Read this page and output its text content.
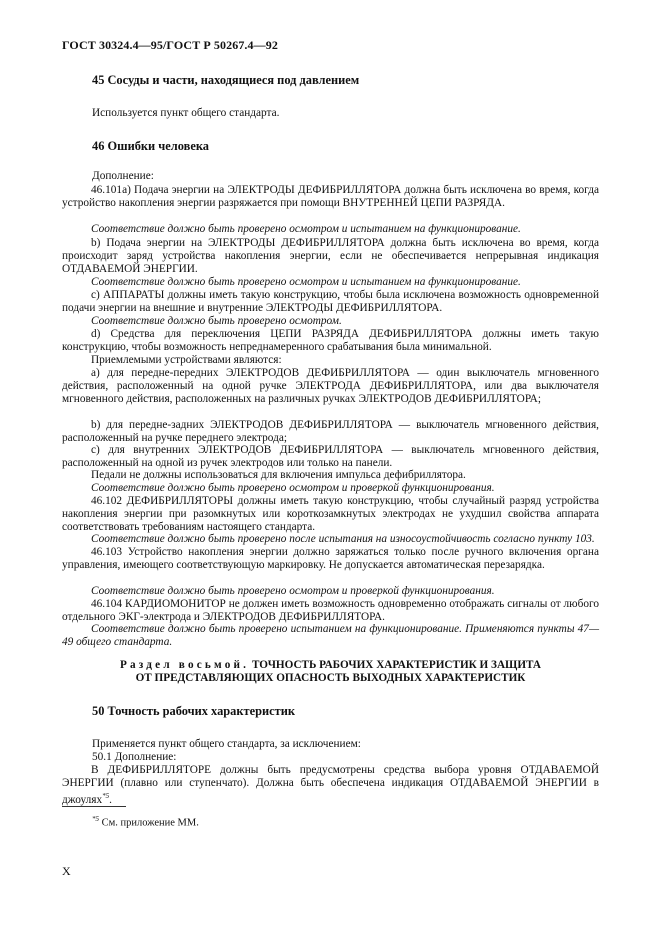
ГОСТ 30324.4—95/ГОСТ Р 50267.4—92
45 Сосуды и части, находящиеся под давлением
Используется пункт общего стандарта.
46 Ошибки человека
Дополнение:
46.101а) Подача энергии на ЭЛЕКТРОДЫ ДЕФИБРИЛЛЯТОРА должна быть исключена во время, когда устройство накопления энергии разряжается при помощи ВНУТРЕННЕЙ ЦЕПИ РАЗРЯДА.
Соответствие должно быть проверено осмотром и испытанием на функционирование.
b) Подача энергии на ЭЛЕКТРОДЫ ДЕФИБРИЛЛЯТОРА должна быть исключена во время, когда происходит заряд устройства накопления энергии, если не обеспечивается непрерывная индикация ОТДАВАЕМОЙ ЭНЕРГИИ.
Соответствие должно быть проверено осмотром и испытанием на функционирование.
c) АППАРАТЫ должны иметь такую конструкцию, чтобы была исключена возможность одновременной подачи энергии на внешние и внутренние ЭЛЕКТРОДЫ ДЕФИБРИЛЛЯТОРА.
Соответствие должно быть проверено осмотром.
d) Средства для переключения ЦЕПИ РАЗРЯДА ДЕФИБРИЛЛЯТОРА должны иметь такую конструкцию, чтобы возможность непреднамеренного срабатывания была минимальной.
Приемлемыми устройствами являются:
a) для передне-передних ЭЛЕКТРОДОВ ДЕФИБРИЛЛЯТОРА — один выключатель мгновенного действия, расположенный на одной ручке ЭЛЕКТРОДА ДЕФИБРИЛЛЯТОРА, или два выключателя мгновенного действия, расположенных на различных ручках ЭЛЕКТРОДОВ ДЕФИБРИЛЛЯТОРА;
b) для передне-задних ЭЛЕКТРОДОВ ДЕФИБРИЛЛЯТОРА — выключатель мгновенного действия, расположенный на ручке переднего электрода;
c) для внутренних ЭЛЕКТРОДОВ ДЕФИБРИЛЛЯТОРА — выключатель мгновенного действия, расположенный на одной из ручек электродов или только на панели.
Педали не должны использоваться для включения импульса дефибриллятора.
Соответствие должно быть проверено осмотром и проверкой функционирования.
46.102 ДЕФИБРИЛЛЯТОРЫ должны иметь такую конструкцию, чтобы случайный разряд устройства накопления энергии при разомкнутых или короткозамкнутых электродах не ухудшил свойства аппарата соответствовать требованиям настоящего стандарта.
Соответствие должно быть проверено после испытания на износоустойчивость согласно пункту 103.
46.103 Устройство накопления энергии должно заряжаться только после ручного включения органа управления, имеющего соответствующую маркировку. Не допускается автоматическая перезарядка.
Соответствие должно быть проверено осмотром и проверкой функционирования.
46.104 КАРДИОМОНИТОР не должен иметь возможность одновременно отображать сигналы от любого отдельного ЭКГ-электрода и ЭЛЕКТРОДОВ ДЕФИБРИЛЛЯТОРА.
Соответствие должно быть проверено испытанием на функционирование. Применяются пункты 47—49 общего стандарта.
Раздел восьмой. ТОЧНОСТЬ РАБОЧИХ ХАРАКТЕРИСТИК И ЗАЩИТА
ОТ ПРЕДСТАВЛЯЮЩИХ ОПАСНОСТЬ ВЫХОДНЫХ ХАРАКТЕРИСТИК
50 Точность рабочих характеристик
Применяется пункт общего стандарта, за исключением:
50.1 Дополнение:
В ДЕФИБРИЛЛЯТОРЕ должны быть предусмотрены средства выбора уровня ОТДАВАЕМОЙ ЭНЕРГИИ (плавно или ступенчато). Должна быть обеспечена индикация ОТДАВАЕМОЙ ЭНЕРГИИ в джоулях$^{*5}$.
$^{*5}$ См. приложение ММ.
X
